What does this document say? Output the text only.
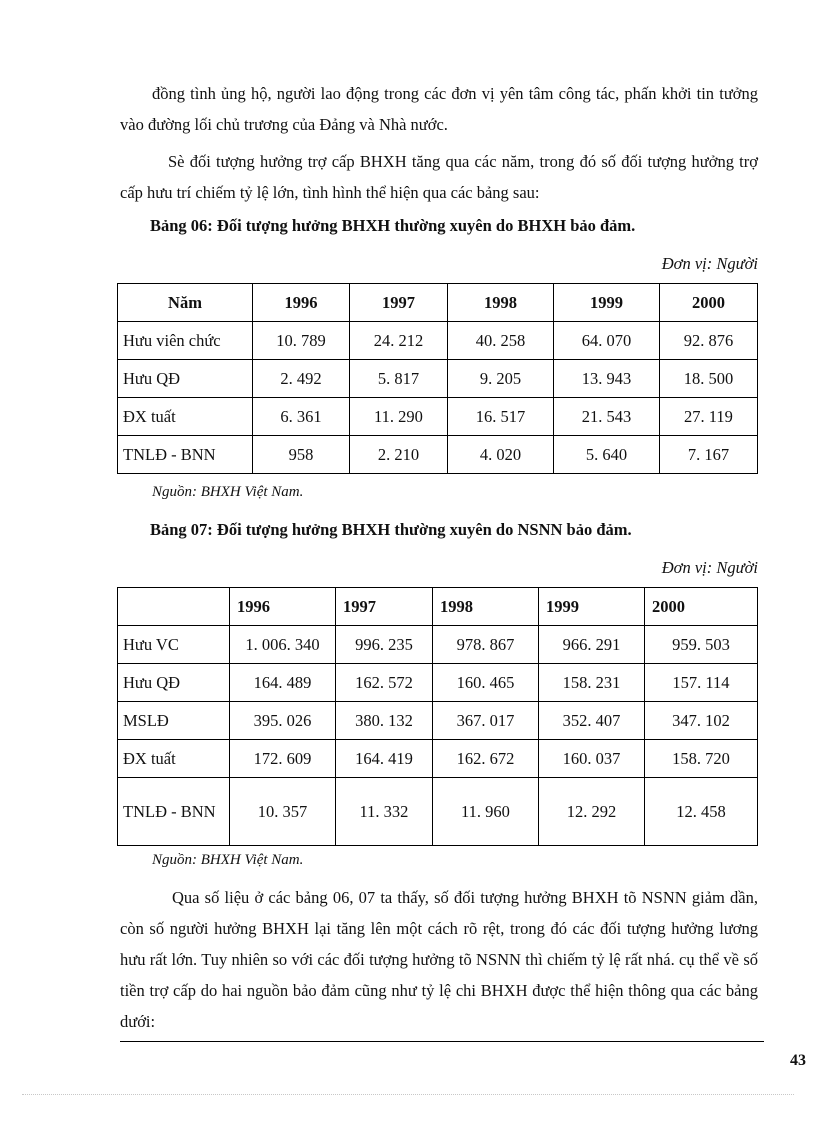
đồng tình ủng hộ, người lao động trong các đơn vị yên tâm công tác, phấn khởi tin tưởng vào đường lối chủ trương của Đảng và Nhà nước.

Sè đối tượng hưởng trợ cấp BHXH tăng qua các năm, trong đó số đối tượng hưởng trợ cấp hưu trí chiếm tỷ lệ lớn, tình hình thể hiện qua các bảng sau:

Bảng 06: Đối tượng hưởng BHXH thường xuyên do BHXH bảo đảm.

Đơn vị: Người

Năm	1996	1997	1998	1999	2000
Hưu viên chức	10. 789	24. 212	40. 258	64. 070	92. 876
Hưu QĐ	2. 492	5. 817	9. 205	13. 943	18. 500
ĐX tuất	6. 361	11. 290	16. 517	21. 543	27. 119
TNLĐ - BNN	958	2. 210	4. 020	5. 640	7. 167

Nguồn: BHXH Việt Nam.

Bảng 07: Đối tượng hưởng BHXH thường xuyên do NSNN bảo đảm.

Đơn vị: Người

	1996	1997	1998	1999	2000
Hưu VC	1. 006. 340	996. 235	978. 867	966. 291	959. 503
Hưu QĐ	164. 489	162. 572	160. 465	158. 231	157. 114
MSLĐ	395. 026	380. 132	367. 017	352. 407	347. 102
ĐX tuất	172. 609	164. 419	162. 672	160. 037	158. 720
TNLĐ - BNN	10. 357	11. 332	11. 960	12. 292	12. 458

Nguồn: BHXH Việt Nam.

Qua số liệu ở các bảng 06, 07 ta thấy, số đối tượng hưởng BHXH tõ NSNN giảm dần, còn số người hưởng BHXH lại tăng lên một cách rõ rệt, trong đó các đối tượng hưởng lương hưu rất lớn. Tuy nhiên so với các đối tượng hưởng tõ NSNN thì chiếm tỷ lệ rất nhá. cụ thể về số tiền trợ cấp do hai nguồn bảo đảm cũng như tỷ lệ chi BHXH được thể hiện thông qua các bảng dưới:

43
